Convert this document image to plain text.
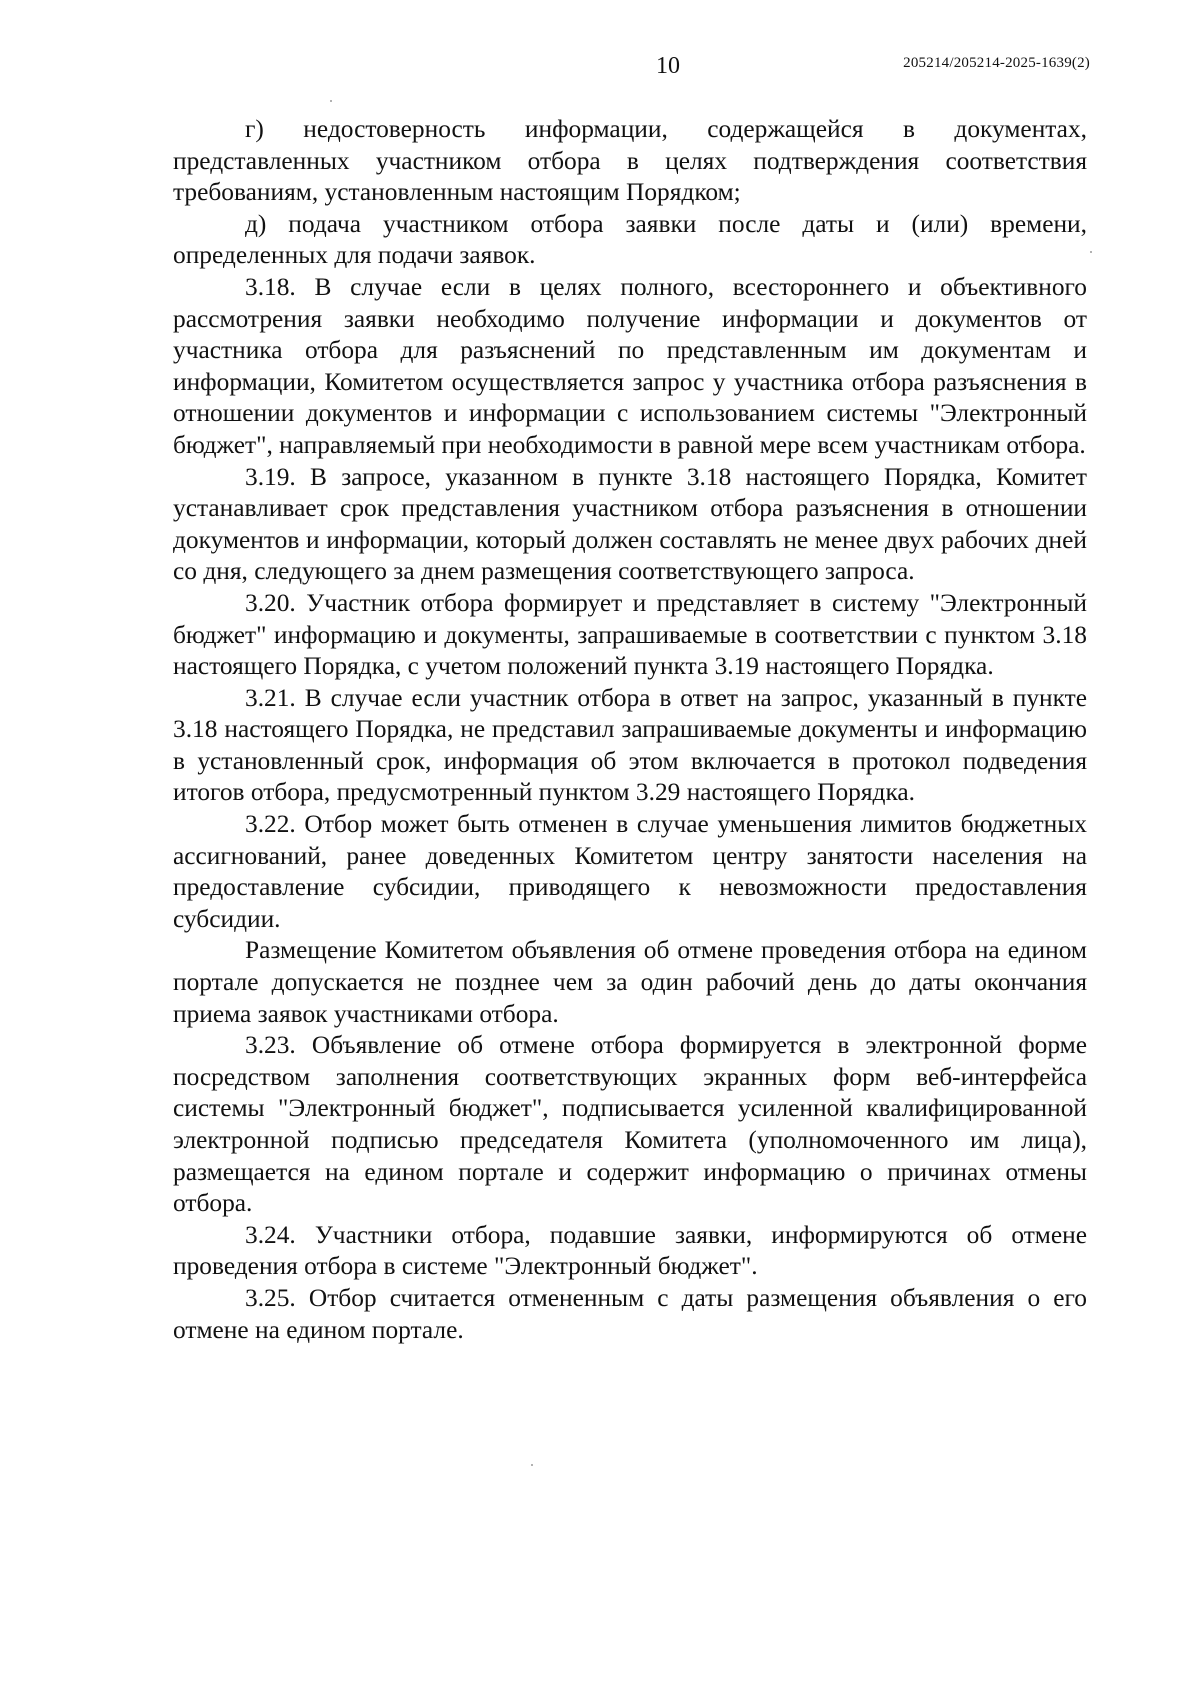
10	205214/205214-2025-1639(2)

г) недостоверность информации, содержащейся в документах, представленных участником отбора в целях подтверждения соответствия требованиям, установленным настоящим Порядком;

д) подача участником отбора заявки после даты и (или) времени, определенных для подачи заявок.

3.18. В случае если в целях полного, всестороннего и объективного рассмотрения заявки необходимо получение информации и документов от участника отбора для разъяснений по представленным им документам и информации, Комитетом осуществляется запрос у участника отбора разъяснения в отношении документов и информации с использованием системы "Электронный бюджет", направляемый при необходимости в равной мере всем участникам отбора.

3.19. В запросе, указанном в пункте 3.18 настоящего Порядка, Комитет устанавливает срок представления участником отбора разъяснения в отношении документов и информации, который должен составлять не менее двух рабочих дней со дня, следующего за днем размещения соответствующего запроса.

3.20. Участник отбора формирует и представляет в систему "Электронный бюджет" информацию и документы, запрашиваемые в соответствии с пунктом 3.18 настоящего Порядка, с учетом положений пункта 3.19 настоящего Порядка.

3.21. В случае если участник отбора в ответ на запрос, указанный в пункте 3.18 настоящего Порядка, не представил запрашиваемые документы и информацию в установленный срок, информация об этом включается в протокол подведения итогов отбора, предусмотренный пунктом 3.29 настоящего Порядка.

3.22. Отбор может быть отменен в случае уменьшения лимитов бюджетных ассигнований, ранее доведенных Комитетом центру занятости населения на предоставление субсидии, приводящего к невозможности предоставления субсидии.

Размещение Комитетом объявления об отмене проведения отбора на едином портале допускается не позднее чем за один рабочий день до даты окончания приема заявок участниками отбора.

3.23. Объявление об отмене отбора формируется в электронной форме посредством заполнения соответствующих экранных форм веб-интерфейса системы "Электронный бюджет", подписывается усиленной квалифицированной электронной подписью председателя Комитета (уполномоченного им лица), размещается на едином портале и содержит информацию о причинах отмены отбора.

3.24. Участники отбора, подавшие заявки, информируются об отмене проведения отбора в системе "Электронный бюджет".

3.25. Отбор считается отмененным с даты размещения объявления о его отмене на едином портале.
